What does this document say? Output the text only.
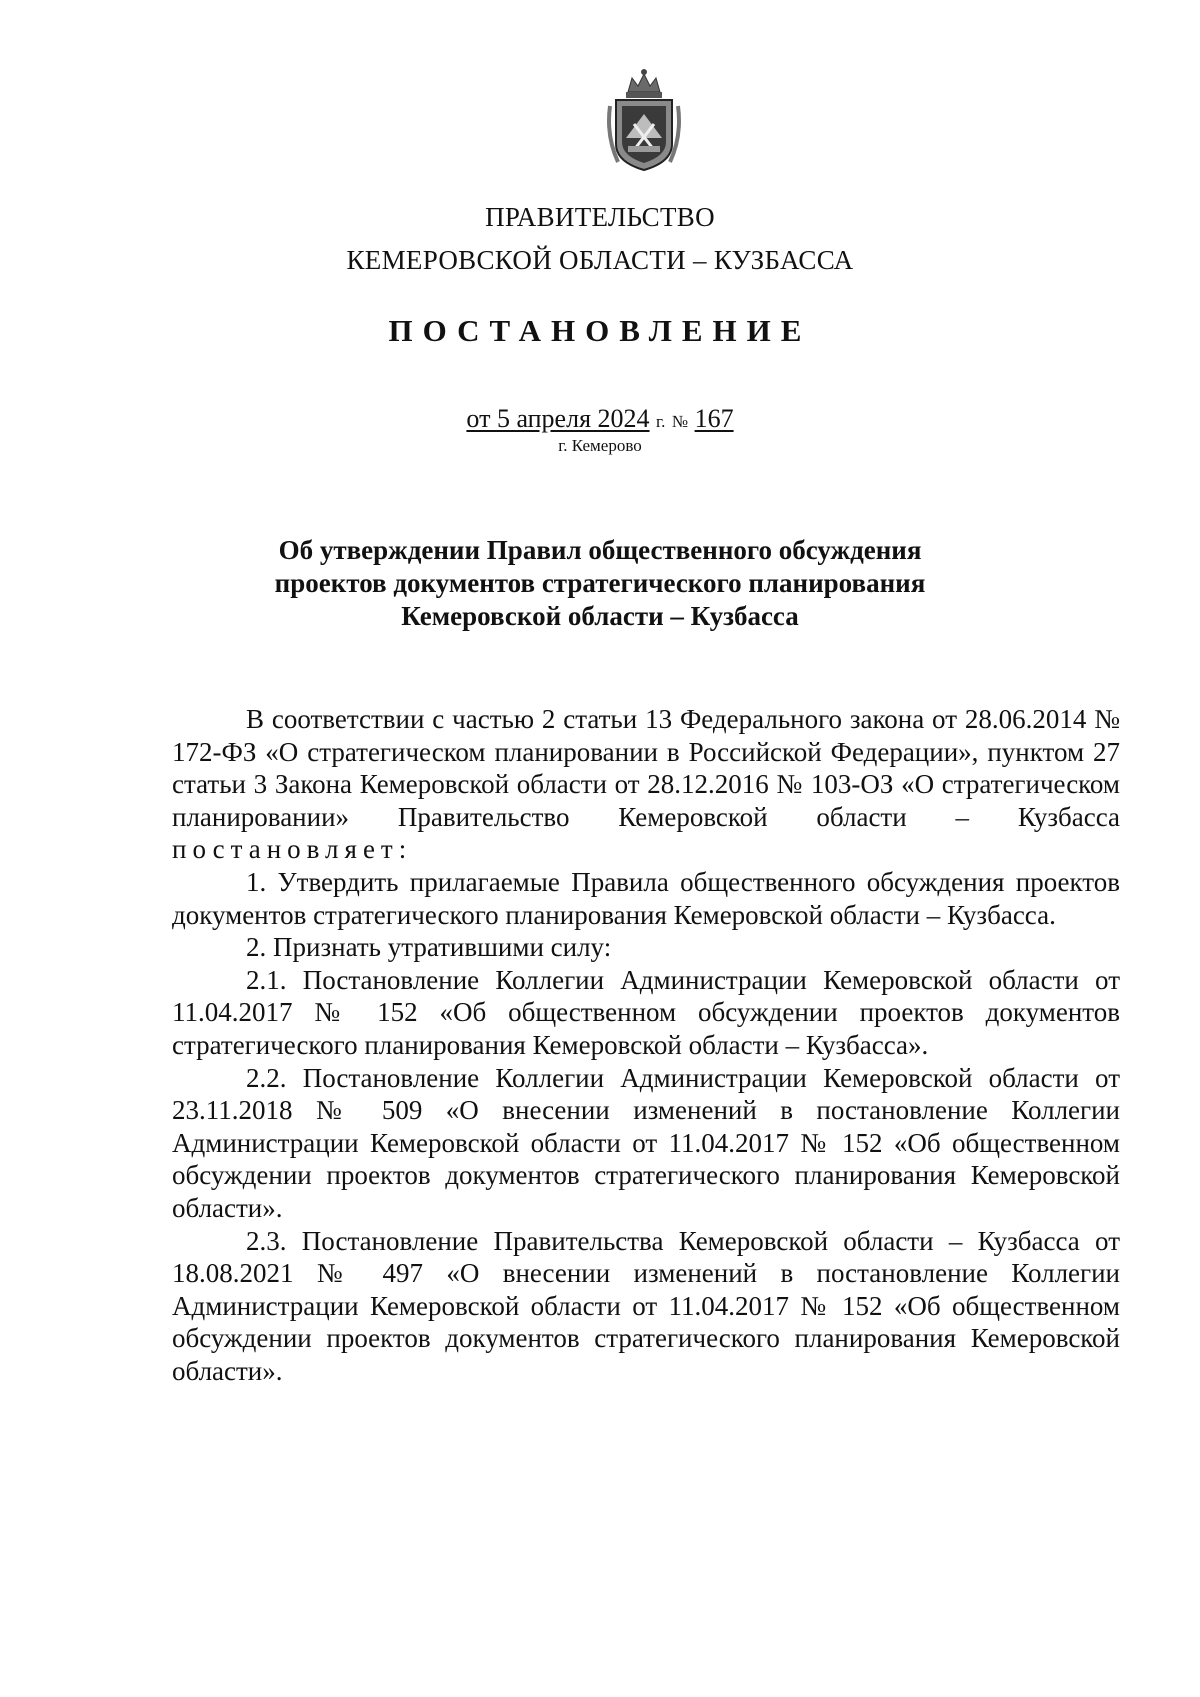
ПРАВИТЕЛЬСТВО
КЕМЕРОВСКОЙ ОБЛАСТИ – КУЗБАССА
ПОСТАНОВЛЕНИЕ
от 5 апреля 2024 г. № 167
г. Кемерово
Об утверждении Правил общественного обсуждения
проектов документов стратегического планирования
Кемеровской области – Кузбасса

В соответствии с частью 2 статьи 13 Федерального закона от 28.06.2014 № 172-ФЗ «О стратегическом планировании в Российской Федерации», пунктом 27 статьи 3 Закона Кемеровской области от 28.12.2016 № 103-ОЗ «О стратегическом планировании» Правительство Кемеровской области – Кузбасса постановляет:

1. Утвердить прилагаемые Правила общественного обсуждения проектов документов стратегического планирования Кемеровской области – Кузбасса.

2. Признать утратившими силу:

2.1. Постановление Коллегии Администрации Кемеровской области от 11.04.2017 № 152 «Об общественном обсуждении проектов документов стратегического планирования Кемеровской области – Кузбасса».

2.2. Постановление Коллегии Администрации Кемеровской области от 23.11.2018 № 509 «О внесении изменений в постановление Коллегии Администрации Кемеровской области от 11.04.2017 № 152 «Об общественном обсуждении проектов документов стратегического планирования Кемеровской области».

2.3. Постановление Правительства Кемеровской области – Кузбасса от 18.08.2021 № 497 «О внесении изменений в постановление Коллегии Администрации Кемеровской области от 11.04.2017 № 152 «Об общественном обсуждении проектов документов стратегического планирования Кемеровской области».
